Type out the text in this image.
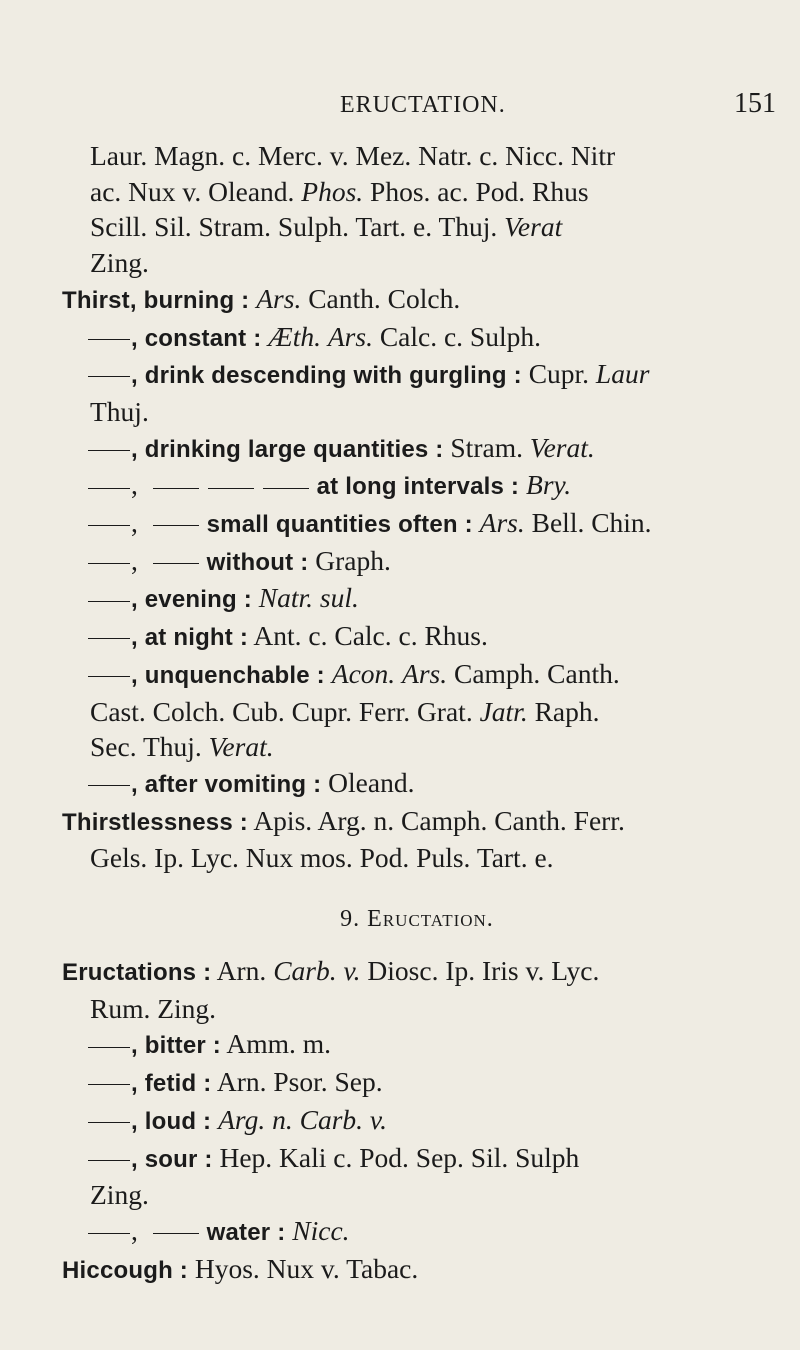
ERUCTATION.	151
Laur. Magn. c. Merc. v. Mez. Natr. c. Nicc. Nitr
ac. Nux v. Oleand. Phos. Phos. ac. Pod. Rhus
Scill. Sil. Stram. Sulph. Tart. e. Thuj. Verat
Zing.
Thirst, burning : Ars. Canth. Colch.
, constant : Æth. Ars. Calc. c. Sulph.
, drink descending with gurgling : Cupr. Laur
Thuj.
, drinking large quantities : Stram. Verat.
,	at long intervals : Bry.
,	small quantities often : Ars. Bell. Chin.
,	without : Graph.
, evening : Natr. sul.
, at night : Ant. c. Calc. c. Rhus.
, unquenchable : Acon. Ars. Camph. Canth.
Cast. Colch. Cub. Cupr. Ferr. Grat. Jatr. Raph.
Sec. Thuj. Verat.
, after vomiting : Oleand.
Thirstlessness : Apis. Arg. n. Camph. Canth. Ferr.
Gels. Ip. Lyc. Nux mos. Pod. Puls. Tart. e.
9. Eructation.
Eructations : Arn. Carb. v. Diosc. Ip. Iris v. Lyc.
Rum. Zing.
, bitter : Amm. m.
, fetid : Arn. Psor. Sep.
, loud : Arg. n. Carb. v.
, sour : Hep. Kali c. Pod. Sep. Sil. Sulph
Zing.
,	water : Nicc.
Hiccough : Hyos. Nux v. Tabac.
